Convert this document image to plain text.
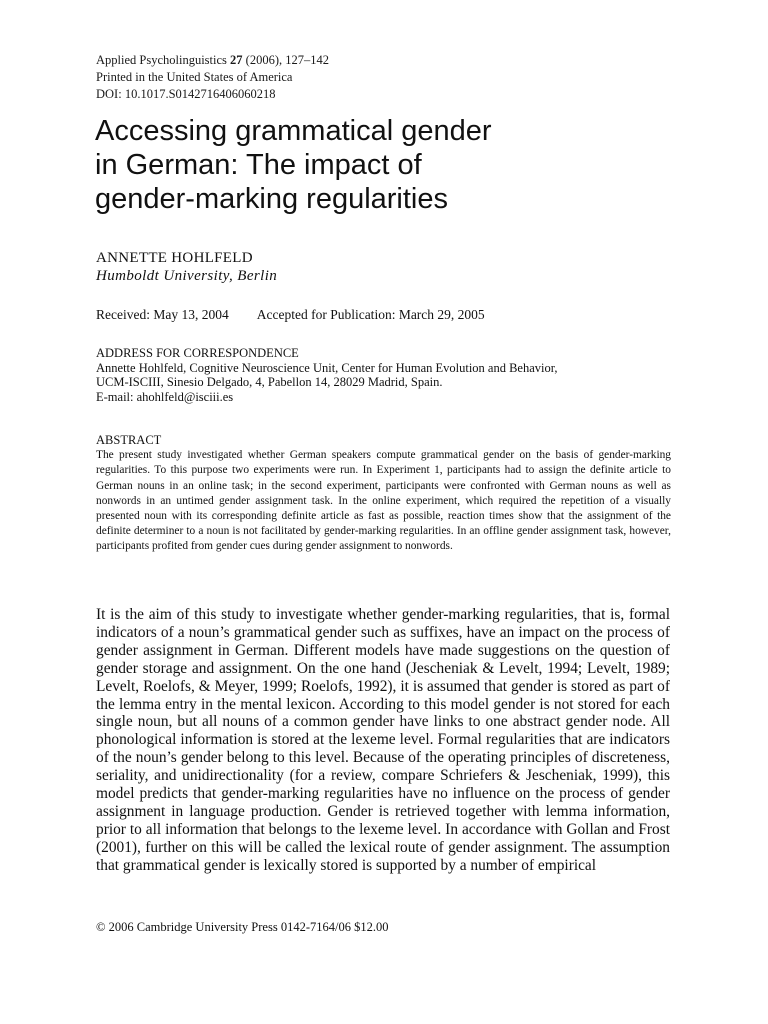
Applied Psycholinguistics 27 (2006), 127–142
Printed in the United States of America
DOI: 10.1017.S0142716406060218
Accessing grammatical gender
in German: The impact of
gender-marking regularities
ANNETTE HOHLFELD
Humboldt University, Berlin
Received: May 13, 2004 Accepted for Publication: March 29, 2005
ADDRESS FOR CORRESPONDENCE
Annette Hohlfeld, Cognitive Neuroscience Unit, Center for Human Evolution and Behavior,
UCM-ISCIII, Sinesio Delgado, 4, Pabellon 14, 28029 Madrid, Spain.
E-mail: ahohlfeld@isciii.es
ABSTRACT
The present study investigated whether German speakers compute grammatical gender on the basis of gender-marking regularities. To this purpose two experiments were run. In Experiment 1, participants had to assign the definite article to German nouns in an online task; in the second experiment, participants were confronted with German nouns as well as nonwords in an untimed gender assignment task. In the online experiment, which required the repetition of a visually presented noun with its corresponding definite article as fast as possible, reaction times show that the assignment of the definite determiner to a noun is not facilitated by gender-marking regularities. In an offline gender assignment task, however, participants profited from gender cues during gender assignment to nonwords.
It is the aim of this study to investigate whether gender-marking regularities, that is, formal indicators of a noun’s grammatical gender such as suffixes, have an impact on the process of gender assignment in German. Different models have made suggestions on the question of gender storage and assignment. On the one hand (Jescheniak & Levelt, 1994; Levelt, 1989; Levelt, Roelofs, & Meyer, 1999; Roelofs, 1992), it is assumed that gender is stored as part of the lemma entry in the mental lexicon. According to this model gender is not stored for each single noun, but all nouns of a common gender have links to one abstract gender node. All phonological information is stored at the lexeme level. Formal regularities that are indicators of the noun’s gender belong to this level. Because of the operating principles of discreteness, seriality, and unidirectionality (for a review, compare Schriefers & Jescheniak, 1999), this model predicts that gender-marking regularities have no influence on the process of gender assignment in language production. Gender is retrieved together with lemma information, prior to all information that belongs to the lexeme level. In accordance with Gollan and Frost (2001), further on this will be called the lexical route of gender assignment. The assumption that grammatical gender is lexically stored is supported by a number of empirical
© 2006 Cambridge University Press 0142-7164/06 $12.00
